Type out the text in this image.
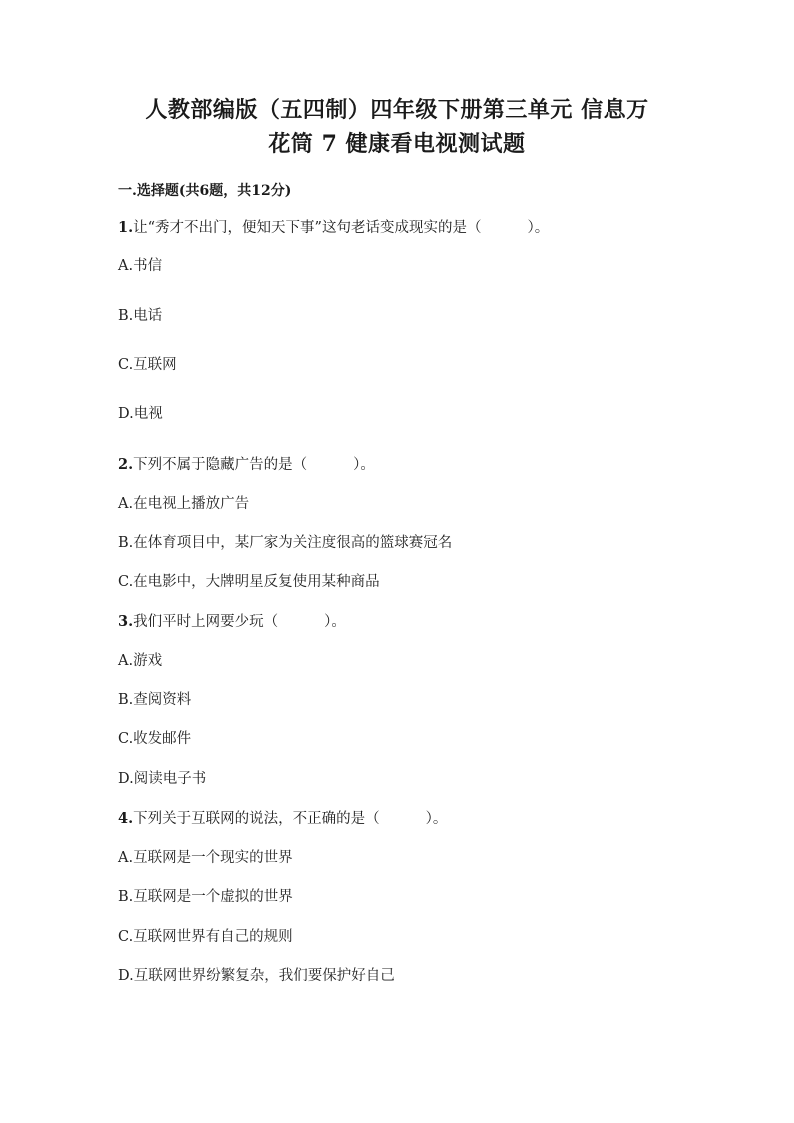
人教部编版（五四制）四年级下册第三单元 信息万
花筒 7 健康看电视测试题
一.选择题(共6题，共12分)
1.让“秀才不出门，便知天下事”这句老话变成现实的是（	）。
A.书信
B.电话
C.互联网
D.电视
2.下列不属于隐藏广告的是（	）。
A.在电视上播放广告
B.在体育项目中，某厂家为关注度很高的篮球赛冠名
C.在电影中，大牌明星反复使用某种商品
3.我们平时上网要少玩（	）。
A.游戏
B.查阅资料
C.收发邮件
D.阅读电子书
4.下列关于互联网的说法，不正确的是（	）。
A.互联网是一个现实的世界
B.互联网是一个虚拟的世界
C.互联网世界有自己的规则
D.互联网世界纷繁复杂，我们要保护好自己
